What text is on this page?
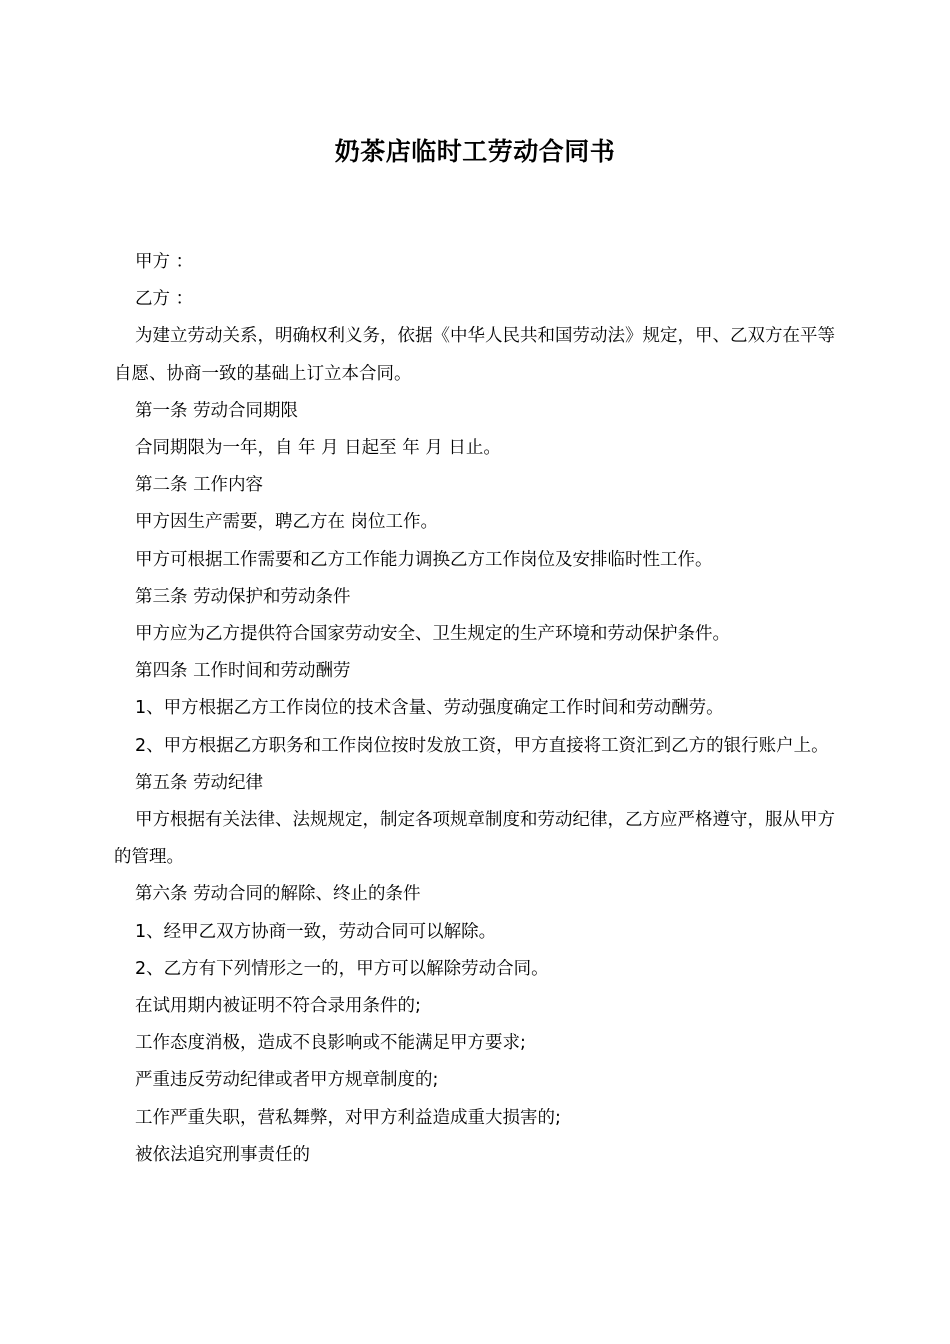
奶茶店临时工劳动合同书

甲方 ：

乙方 ：

为建立劳动关系，明确权利义务，依据《中华人民共和国劳动法》规定，甲、乙双方在平等自愿、协商一致的基础上订立本合同。

第一条 劳动合同期限

合同期限为一年，自 年 月 日起至 年 月 日止。

第二条 工作内容

甲方因生产需要，聘乙方在 岗位工作。

甲方可根据工作需要和乙方工作能力调换乙方工作岗位及安排临时性工作。

第三条 劳动保护和劳动条件

甲方应为乙方提供符合国家劳动安全、卫生规定的生产环境和劳动保护条件。

第四条 工作时间和劳动酬劳

1、甲方根据乙方工作岗位的技术含量、劳动强度确定工作时间和劳动酬劳。

2、甲方根据乙方职务和工作岗位按时发放工资，甲方直接将工资汇到乙方的银行账户上。

第五条 劳动纪律

甲方根据有关法律、法规规定，制定各项规章制度和劳动纪律，乙方应严格遵守，服从甲方的管理。

第六条 劳动合同的解除、终止的条件

1、经甲乙双方协商一致，劳动合同可以解除。

2、乙方有下列情形之一的，甲方可以解除劳动合同。

在试用期内被证明不符合录用条件的;

工作态度消极，造成不良影响或不能满足甲方要求;

严重违反劳动纪律或者甲方规章制度的;

工作严重失职，营私舞弊，对甲方利益造成重大损害的;

被依法追究刑事责任的
